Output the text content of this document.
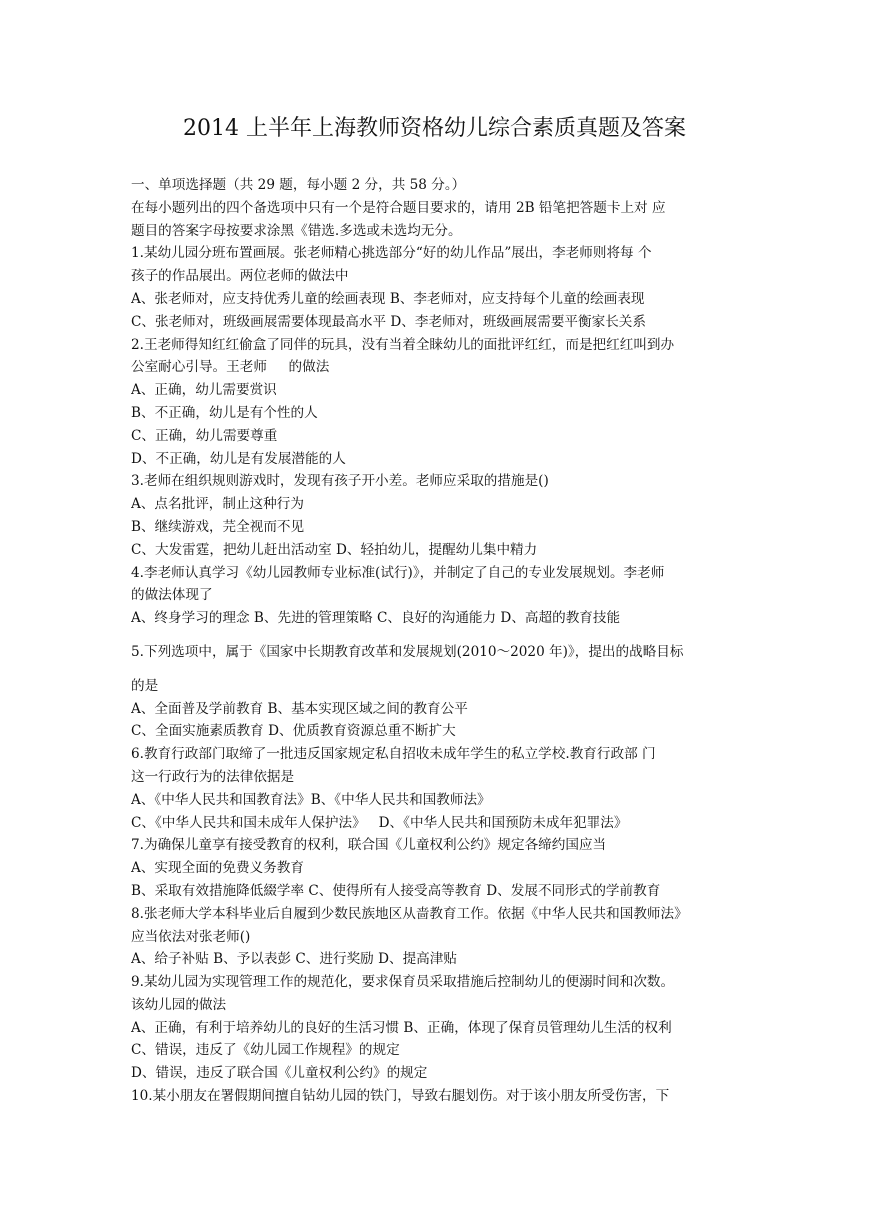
2014 上半年上海教师资格幼儿综合素质真题及答案
一、单项选择题（共 29 题，每小题 2 分，共 58 分。）
在每小题列出的四个备选项中只有一个是符合题目要求的，请用 2B 铅笔把答题卡上对 应
题目的答案字母按要求涂黑《错选.多选或未选均无分。
1.某幼儿园分班布置画展。张老师精心挑选部分“好的幼儿作品”展出，李老师则将每 个
孩子的作品展出。两位老师的做法中
A、张老师对，应支持优秀儿童的绘画表现 B、李老师对，应支持每个儿童的绘画表现
C、张老师对，班级画展需要体现最高水平 D、李老师对，班级画展需要平衡家长关系
2.王老师得知红红偷盒了同伴的玩具，没有当着全睐幼儿的面批评红红，而是把红红叫到办
公室耐心引导。王老师     的做法
A、正确，幼儿需要赏识
B、不正确，幼儿是有个性的人
C、正确，幼儿需要尊重
D、不正确，幼儿是有发展潜能的人
3.老师在组织规则游戏时，发现有孩子开小差。老师应采取的措施是()
A、点名批评，制止这种行为
B、继续游戏，芫全视而不见
C、大发雷霆，把幼儿赶出活动室 D、轻拍幼儿，提醒幼儿集中精力
4.李老师认真学习《幼儿园教师专业标准(试行)》，并制定了自己的专业发展规划。李老师
的做法体现了
A、终身学习的理念 B、先进的管理策略 C、良好的沟通能力 D、高超的教育技能
5.下列选项中，属于《国家中长期教育改革和发展规划(2010～2020 年)》，提出的战略目标
的是
A、全面普及学前教育 B、基本实现区域之间的教育公平
C、全面实施素质教育 D、优质教育资源总重不断扩大
6.教育行政部门取缔了一批违反国家规定私自招收未成年学生的私立学校.教育行政部 门
这一行政行为的法律依据是
A、《中华人民共和国教育法》B、《中华人民共和国教师法》
C、《中华人民共和国未成年人保护法》   D、《中华人民共和国预防未成年犯罪法》
7.为确保儿童享有接受教育的权利，联合国《儿童权利公约》规定各缔约国应当
A、实现全面的免费义务教育
B、采取有效措施降低綴学率 C、使得所有人接受高等教育 D、发展不同形式的学前教育
8.张老师大学本科毕业后自履到少数民族地区从啬教育工作。依据《中华人民共和国教师法》
应当依法对张老师()
A、给子补贴 B、予以表彭 C、进行奖励 D、提高津贴
9.某幼儿园为实现管理工作的规范化，要求保育员采取措施后控制幼儿的便溺时间和次数。
该幼儿园的做法
A、正确，有利于培养幼儿的良好的生活习惯 B、正确，体现了保育员管理幼儿生活的权利
C、错误，违反了《幼儿园工作规程》的规定
D、错误，违反了联合国《儿童权利公约》的规定
10.某小朋友在署假期间擅自钻幼儿园的铁门，导致右腿划伤。对于该小朋友所受伤害，下
